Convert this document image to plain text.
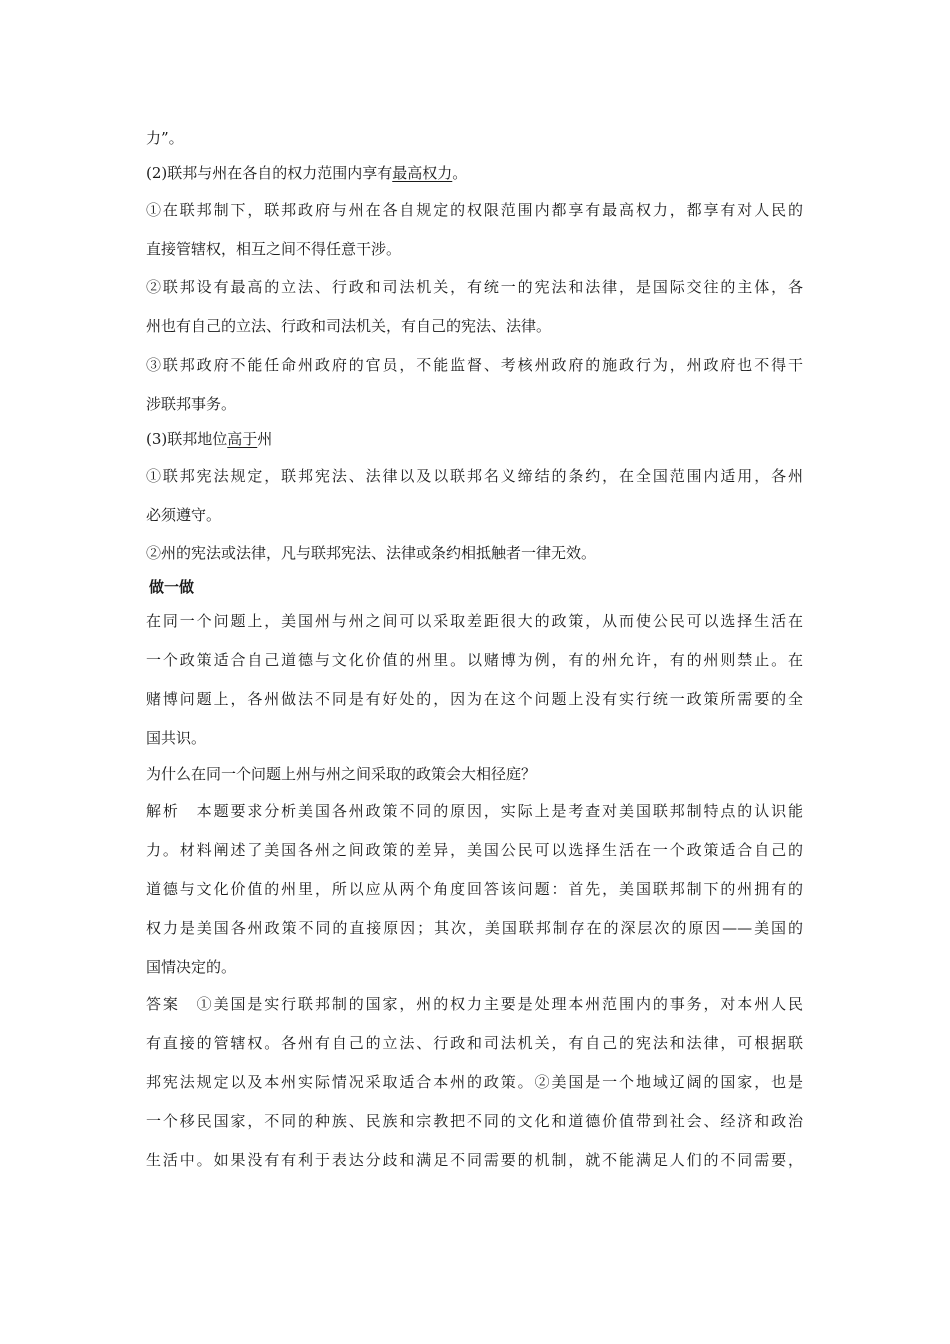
力”。
(2)联邦与州在各自的权力范围内享有最高权力。
①在联邦制下，联邦政府与州在各自规定的权限范围内都享有最高权力，都享有对人民的
直接管辖权，相互之间不得任意干涉。
②联邦设有最高的立法、行政和司法机关，有统一的宪法和法律，是国际交往的主体，各
州也有自己的立法、行政和司法机关，有自己的宪法、法律。
③联邦政府不能任命州政府的官员，不能监督、考核州政府的施政行为，州政府也不得干
涉联邦事务。
(3)联邦地位高于州
①联邦宪法规定，联邦宪法、法律以及以联邦名义缔结的条约，在全国范围内适用，各州
必须遵守。
②州的宪法或法律，凡与联邦宪法、法律或条约相抵触者一律无效。
做一做
在同一个问题上，美国州与州之间可以采取差距很大的政策，从而使公民可以选择生活在
一个政策适合自己道德与文化价值的州里。以赌博为例，有的州允许，有的州则禁止。在
赌博问题上，各州做法不同是有好处的，因为在这个问题上没有实行统一政策所需要的全
国共识。
为什么在同一个问题上州与州之间采取的政策会大相径庭？
解析　本题要求分析美国各州政策不同的原因，实际上是考查对美国联邦制特点的认识能
力。材料阐述了美国各州之间政策的差异，美国公民可以选择生活在一个政策适合自己的
道德与文化价值的州里，所以应从两个角度回答该问题：首先，美国联邦制下的州拥有的
权力是美国各州政策不同的直接原因；其次，美国联邦制存在的深层次的原因——美国的
国情决定的。
答案　①美国是实行联邦制的国家，州的权力主要是处理本州范围内的事务，对本州人民
有直接的管辖权。各州有自己的立法、行政和司法机关，有自己的宪法和法律，可根据联
邦宪法规定以及本州实际情况采取适合本州的政策。②美国是一个地域辽阔的国家，也是
一个移民国家，不同的种族、民族和宗教把不同的文化和道德价值带到社会、经济和政治
生活中。如果没有有利于表达分歧和满足不同需要的机制，就不能满足人们的不同需要，
